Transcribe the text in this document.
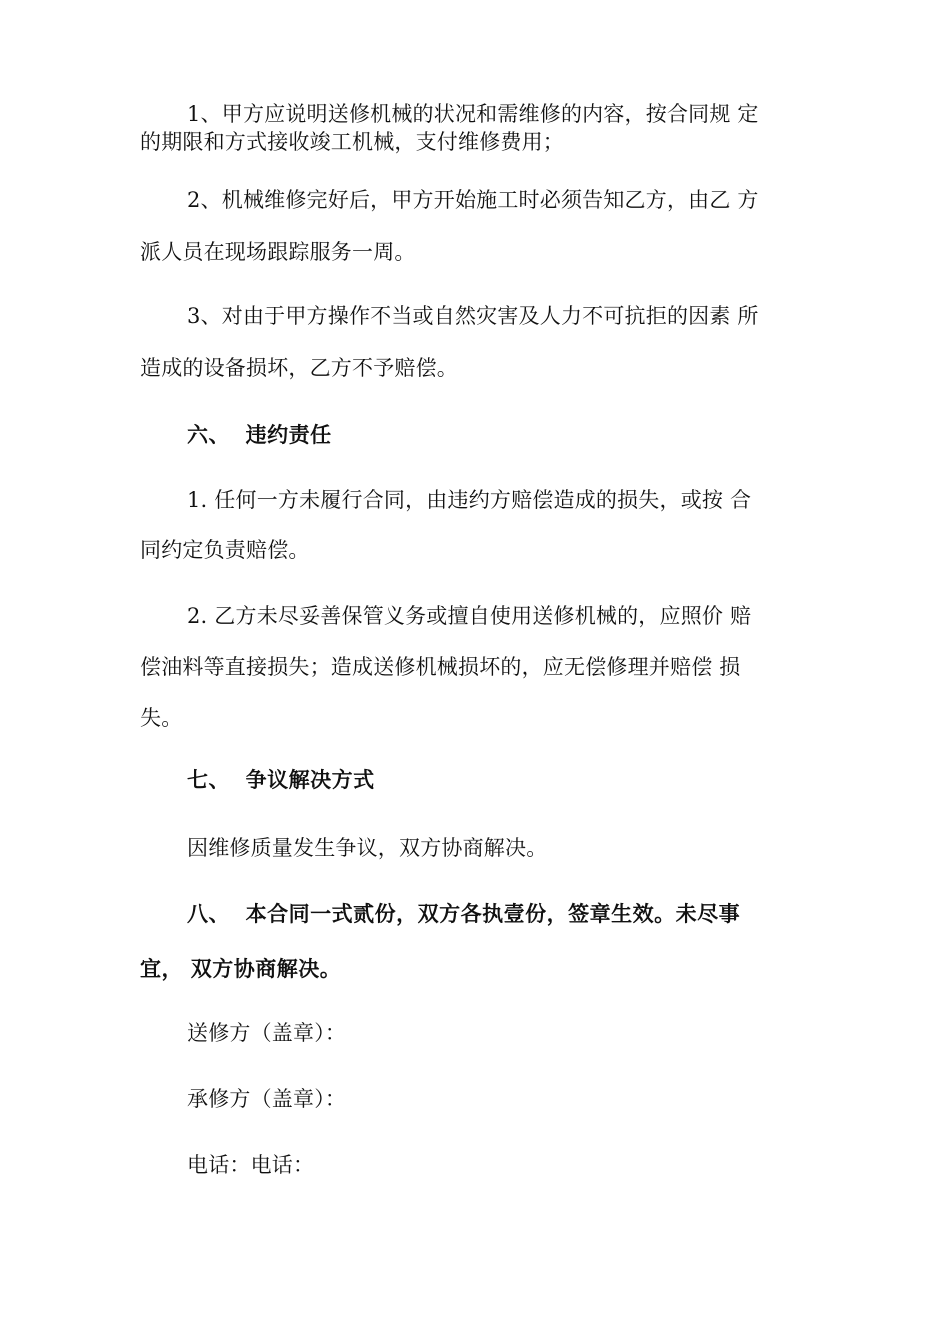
1、甲方应说明送修机械的状况和需维修的内容，按合同规 定
的期限和方式接收竣工机械，支付维修费用；
2、机械维修完好后，甲方开始施工时必须告知乙方，由乙 方
派人员在现场跟踪服务一周。
3、对由于甲方操作不当或自然灾害及人力不可抗拒的因素 所
造成的设备损坏，乙方不予赔偿。
六、  违约责任
1. 任何一方未履行合同，由违约方赔偿造成的损失，或按 合
同约定负责赔偿。
2. 乙方未尽妥善保管义务或擅自使用送修机械的，应照价 赔
偿油料等直接损失；造成送修机械损坏的，应无偿修理并赔偿 损
失。
七、  争议解决方式
因维修质量发生争议，双方协商解决。
八、  本合同一式贰份，双方各执壹份，签章生效。未尽事
宜， 双方协商解决。
送修方（盖章）：
承修方（盖章）：
电话：电话：
